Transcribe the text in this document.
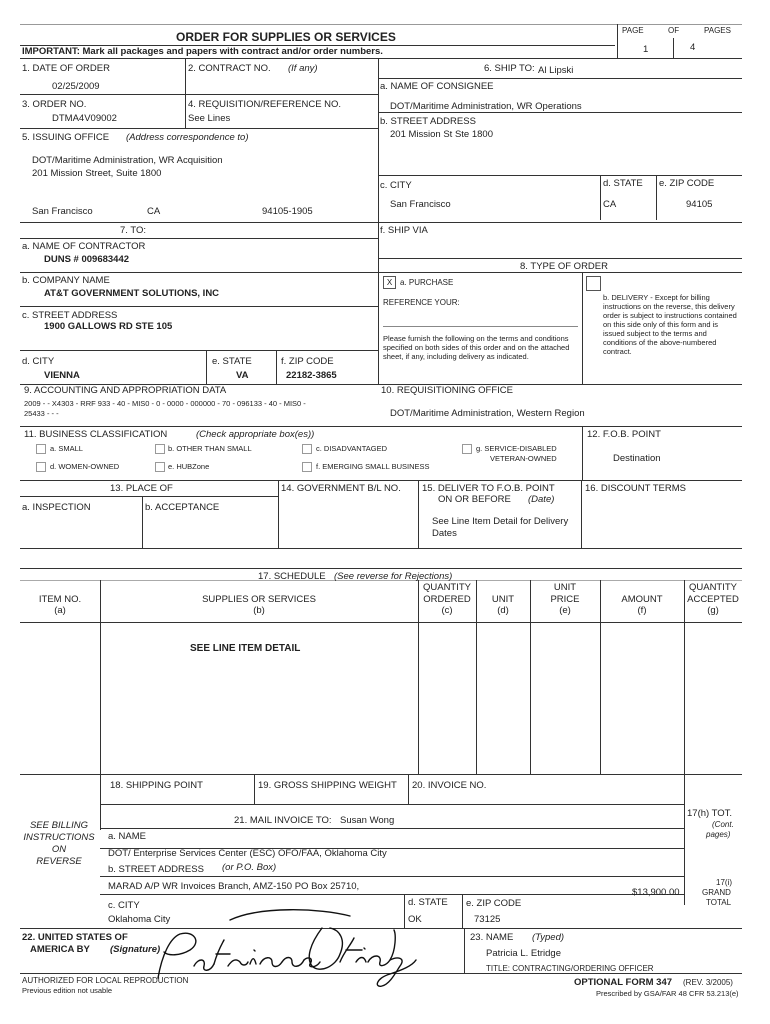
ORDER FOR SUPPLIES OR SERVICES
IMPORTANT: Mark all packages and papers with contract and/or order numbers.
PAGE	OF	PAGES
1	4
1. DATE OF ORDER
02/25/2009
2. CONTRACT NO. (If any)
3. ORDER NO.
DTMA4V09002
4. REQUISITION/REFERENCE NO.
See Lines
5. ISSUING OFFICE (Address correspondence to)
DOT/Maritime Administration, WR Acquisition
201 Mission Street, Suite 1800
San Francisco	CA	94105-1905
6. SHIP TO: Al Lipski
a. NAME OF CONSIGNEE
DOT/Maritime Administration, WR Operations
b. STREET ADDRESS
201 Mission St Ste 1800
c. CITY
San Francisco
d. STATE
CA
e. ZIP CODE
94105
f. SHIP VIA
7. TO:
a. NAME OF CONTRACTOR
DUNS # 009683442
b. COMPANY NAME
AT&T GOVERNMENT SOLUTIONS, INC
c. STREET ADDRESS
1900 GALLOWS RD STE 105
d. CITY
VIENNA
e. STATE
VA
f. ZIP CODE
22182-3865
8. TYPE OF ORDER
X a. PURCHASE
REFERENCE YOUR:
Please furnish the following on the terms and conditions specified on both sides of this order and on the attached sheet, if any, including delivery as indicated.
b. DELIVERY - Except for billing instructions on the reverse, this delivery order is subject to instructions contained on this side only of this form and is issued subject to the terms and conditions of the above-numbered contract.
9. ACCOUNTING AND APPROPRIATION DATA
2009 - - X4303 - RRF 933 - 40 - MIS0 - 0 - 0000 - 000000 - 70 - 096133 - 40 - MIS0 -
25433 - - -
10. REQUISITIONING OFFICE
DOT/Maritime Administration, Western Region
11. BUSINESS CLASSIFICATION	(Check appropriate box(es))
a. SMALL	b. OTHER THAN SMALL	c. DISADVANTAGED	g. SERVICE-DISABLED
VETERAN-OWNED
d. WOMEN-OWNED	e. HUBZone	f. EMERGING SMALL BUSINESS
12. F.O.B. POINT
Destination
13. PLACE OF
a. INSPECTION	b. ACCEPTANCE
14. GOVERNMENT B/L NO. 15. DELIVER TO F.O.B. POINT
ON OR BEFORE (Date)
See Line Item Detail for Delivery
Dates
16. DISCOUNT TERMS
17. SCHEDULE (See reverse for Rejections)
ITEM NO.
(a)
SUPPLIES OR SERVICES
(b)
QUANTITY
ORDERED
(c)
UNIT
(d)
UNIT
PRICE
(e)
AMOUNT
(f)
QUANTITY
ACCEPTED
(g)
SEE LINE ITEM DETAIL
18. SHIPPING POINT	19. GROSS SHIPPING WEIGHT 20. INVOICE NO.
21. MAIL INVOICE TO: Susan Wong
SEE BILLING
INSTRUCTIONS
ON
REVERSE
a. NAME
DOT/ Enterprise Services Center (ESC) OFO/FAA, Oklahoma City
b. STREET ADDRESS (or P.O. Box)
MARAD A/P WR Invoices Branch, AMZ-150 PO Box 25710,
c. CITY
Oklahoma City
d. STATE
OK
e. ZIP CODE
73125
17(h) TOT.
(Cont.
pages)
17(i)
GRAND
TOTAL
$13,900.00
22. UNITED STATES OF
AMERICA BY (Signature)
23. NAME (Typed)
Patricia L. Etridge
TITLE: CONTRACTING/ORDERING OFFICER
AUTHORIZED FOR LOCAL REPRODUCTION
Previous edition not usable
OPTIONAL FORM 347 (REV. 3/2005)
Prescribed by GSA/FAR 48 CFR 53.213(e)
